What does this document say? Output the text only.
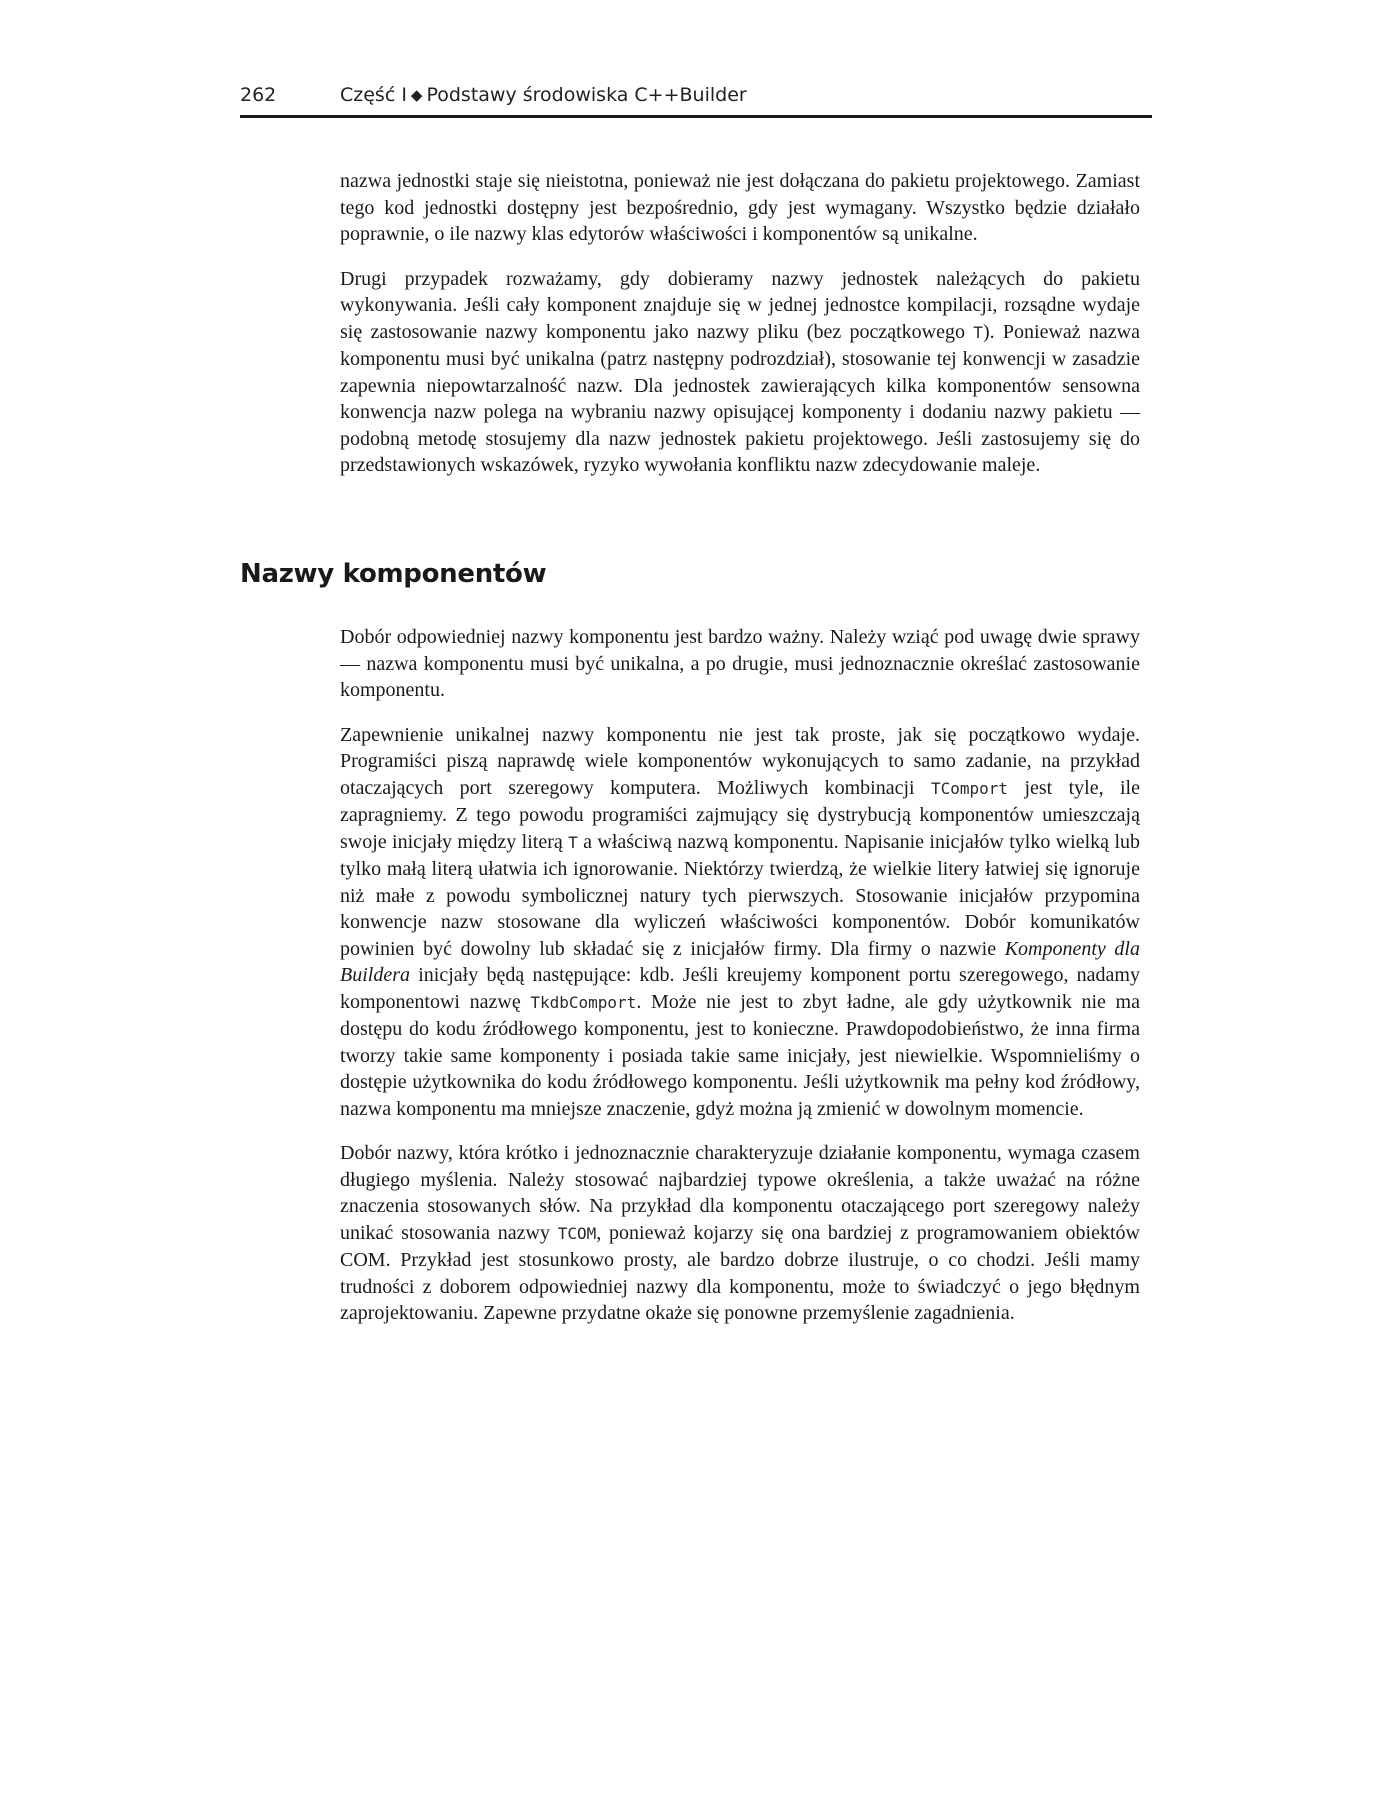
262	Część I ◆ Podstawy środowiska C++Builder

nazwa jednostki staje się nieistotna, ponieważ nie jest dołączana do pakietu projektowego. Zamiast tego kod jednostki dostępny jest bezpośrednio, gdy jest wymagany. Wszystko będzie działało poprawnie, o ile nazwy klas edytorów właściwości i komponentów są unikalne.

Drugi przypadek rozważamy, gdy dobieramy nazwy jednostek należących do pakietu wykonywania. Jeśli cały komponent znajduje się w jednej jednostce kompilacji, rozsądne wydaje się zastosowanie nazwy komponentu jako nazwy pliku (bez początkowego T). Ponieważ nazwa komponentu musi być unikalna (patrz następny podrozdział), stosowanie tej konwencji w zasadzie zapewnia niepowtarzalność nazw. Dla jednostek zawierających kilka komponentów sensowna konwencja nazw polega na wybraniu nazwy opisującej komponenty i dodaniu nazwy pakietu — podobną metodę stosujemy dla nazw jednostek pakietu projektowego. Jeśli zastosujemy się do przedstawionych wskazówek, ryzyko wywołania konfliktu nazw zdecydowanie maleje.

Nazwy komponentów

Dobór odpowiedniej nazwy komponentu jest bardzo ważny. Należy wziąć pod uwagę dwie sprawy — nazwa komponentu musi być unikalna, a po drugie, musi jednoznacznie określać zastosowanie komponentu.

Zapewnienie unikalnej nazwy komponentu nie jest tak proste, jak się początkowo wydaje. Programiści piszą naprawdę wiele komponentów wykonujących to samo zadanie, na przykład otaczających port szeregowy komputera. Możliwych kombinacji TComport jest tyle, ile zapragniemy. Z tego powodu programiści zajmujący się dystrybucją komponentów umieszczają swoje inicjały między literą T a właściwą nazwą komponentu. Napisanie inicjałów tylko wielką lub tylko małą literą ułatwia ich ignorowanie. Niektórzy twierdzą, że wielkie litery łatwiej się ignoruje niż małe z powodu symbolicznej natury tych pierwszych. Stosowanie inicjałów przypomina konwencje nazw stosowane dla wyliczeń właściwości komponentów. Dobór komunikatów powinien być dowolny lub składać się z inicjałów firmy. Dla firmy o nazwie Komponenty dla Buildera inicjały będą następujące: kdb. Jeśli kreujemy komponent portu szeregowego, nadamy komponentowi nazwę TkdbComport. Może nie jest to zbyt ładne, ale gdy użytkownik nie ma dostępu do kodu źródłowego komponentu, jest to konieczne. Prawdopodobieństwo, że inna firma tworzy takie same komponenty i posiada takie same inicjały, jest niewielkie. Wspomnieliśmy o dostępie użytkownika do kodu źródłowego komponentu. Jeśli użytkownik ma pełny kod źródłowy, nazwa komponentu ma mniejsze znaczenie, gdyż można ją zmienić w dowolnym momencie.

Dobór nazwy, która krótko i jednoznacznie charakteryzuje działanie komponentu, wymaga czasem długiego myślenia. Należy stosować najbardziej typowe określenia, a także uważać na różne znaczenia stosowanych słów. Na przykład dla komponentu otaczającego port szeregowy należy unikać stosowania nazwy TCOM, ponieważ kojarzy się ona bardziej z programowaniem obiektów COM. Przykład jest stosunkowo prosty, ale bardzo dobrze ilustruje, o co chodzi. Jeśli mamy trudności z doborem odpowiedniej nazwy dla komponentu, może to świadczyć o jego błędnym zaprojektowaniu. Zapewne przydatne okaże się ponowne przemyślenie zagadnienia.
